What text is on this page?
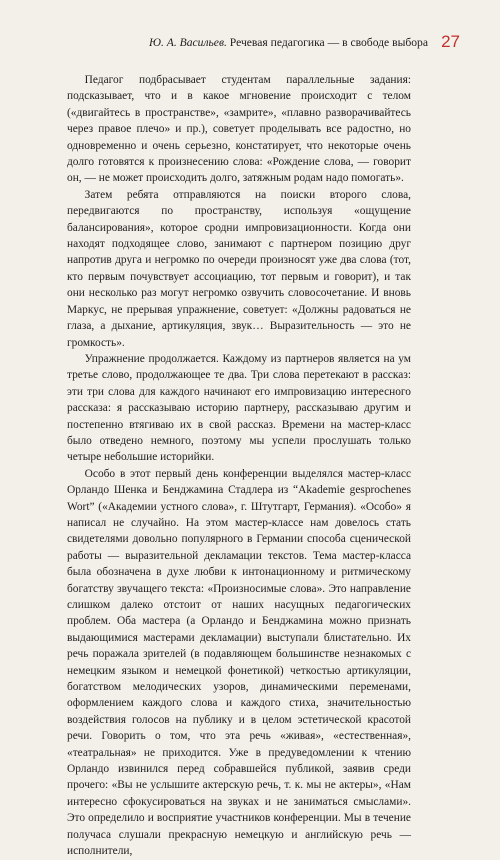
Ю. А. Васильев. Речевая педагогика — в свободе выбора 27

Педагог подбрасывает студентам параллельные задания: подсказывает, что и в какое мгновение происходит с телом («двигайтесь в пространстве», «замрите», «плавно разворачивайтесь через правое плечо» и пр.), советует проделывать все радостно, но одновременно и очень серьезно, констатирует, что некоторые очень долго готовятся к произнесению слова: «Рождение слова, — говорит он, — не может происходить долго, затяжным родам надо помогать».

Затем ребята отправляются на поиски второго слова, передвигаются по пространству, используя «ощущение балансирования», которое сродни импровизационности. Когда они находят подходящее слово, занимают с партнером позицию друг напротив друга и негромко по очереди произносят уже два слова (тот, кто первым почувствует ассоциацию, тот первым и говорит), и так они несколько раз могут негромко озвучить словосочетание. И вновь Маркус, не прерывая упражнение, советует: «Должны радоваться не глаза, а дыхание, артикуляция, звук… Выразительность — это не громкость».

Упражнение продолжается. Каждому из партнеров является на ум третье слово, продолжающее те два. Три слова перетекают в рассказ: эти три слова для каждого начинают его импровизацию интересного рассказа: я рассказываю историю партнеру, рассказываю другим и постепенно втягиваю их в свой рассказ. Времени на мастер-класс было отведено немного, поэтому мы успели прослушать только четыре небольшие историйки.

Особо в этот первый день конференции выделялся мастер-класс Орландо Шенка и Бенджамина Стадлера из “Akademie gesprochenes Wort” («Академии устного слова», г. Штутгарт, Германия). «Особо» я написал не случайно. На этом мастер-классе нам довелось стать свидетелями довольно популярного в Германии способа сценической работы — выразительной декламации текстов. Тема мастер-класса была обозначена в духе любви к интонационному и ритмическому богатству звучащего текста: «Произносимые слова». Это направление слишком далеко отстоит от наших насущных педагогических проблем. Оба мастера (а Орландо и Бенджамина можно признать выдающимися мастерами декламации) выступали блистательно. Их речь поражала зрителей (в подавляющем большинстве незнакомых с немецким языком и немецкой фонетикой) четкостью артикуляции, богатством мелодических узоров, динамическими переменами, оформлением каждого слова и каждого стиха, значительностью воздействия голосов на публику и в целом эстетической красотой речи. Говорить о том, что эта речь «живая», «естественная», «театральная» не приходится. Уже в предуведомлении к чтению Орландо извинился перед собравшейся публикой, заявив среди прочего: «Вы не услышите актерскую речь, т. к. мы не актеры», «Нам интересно сфокусироваться на звуках и не заниматься смыслами». Это определило и восприятие участников конференции. Мы в течение получаса слушали прекрасную немецкую и английскую речь — исполнители,
